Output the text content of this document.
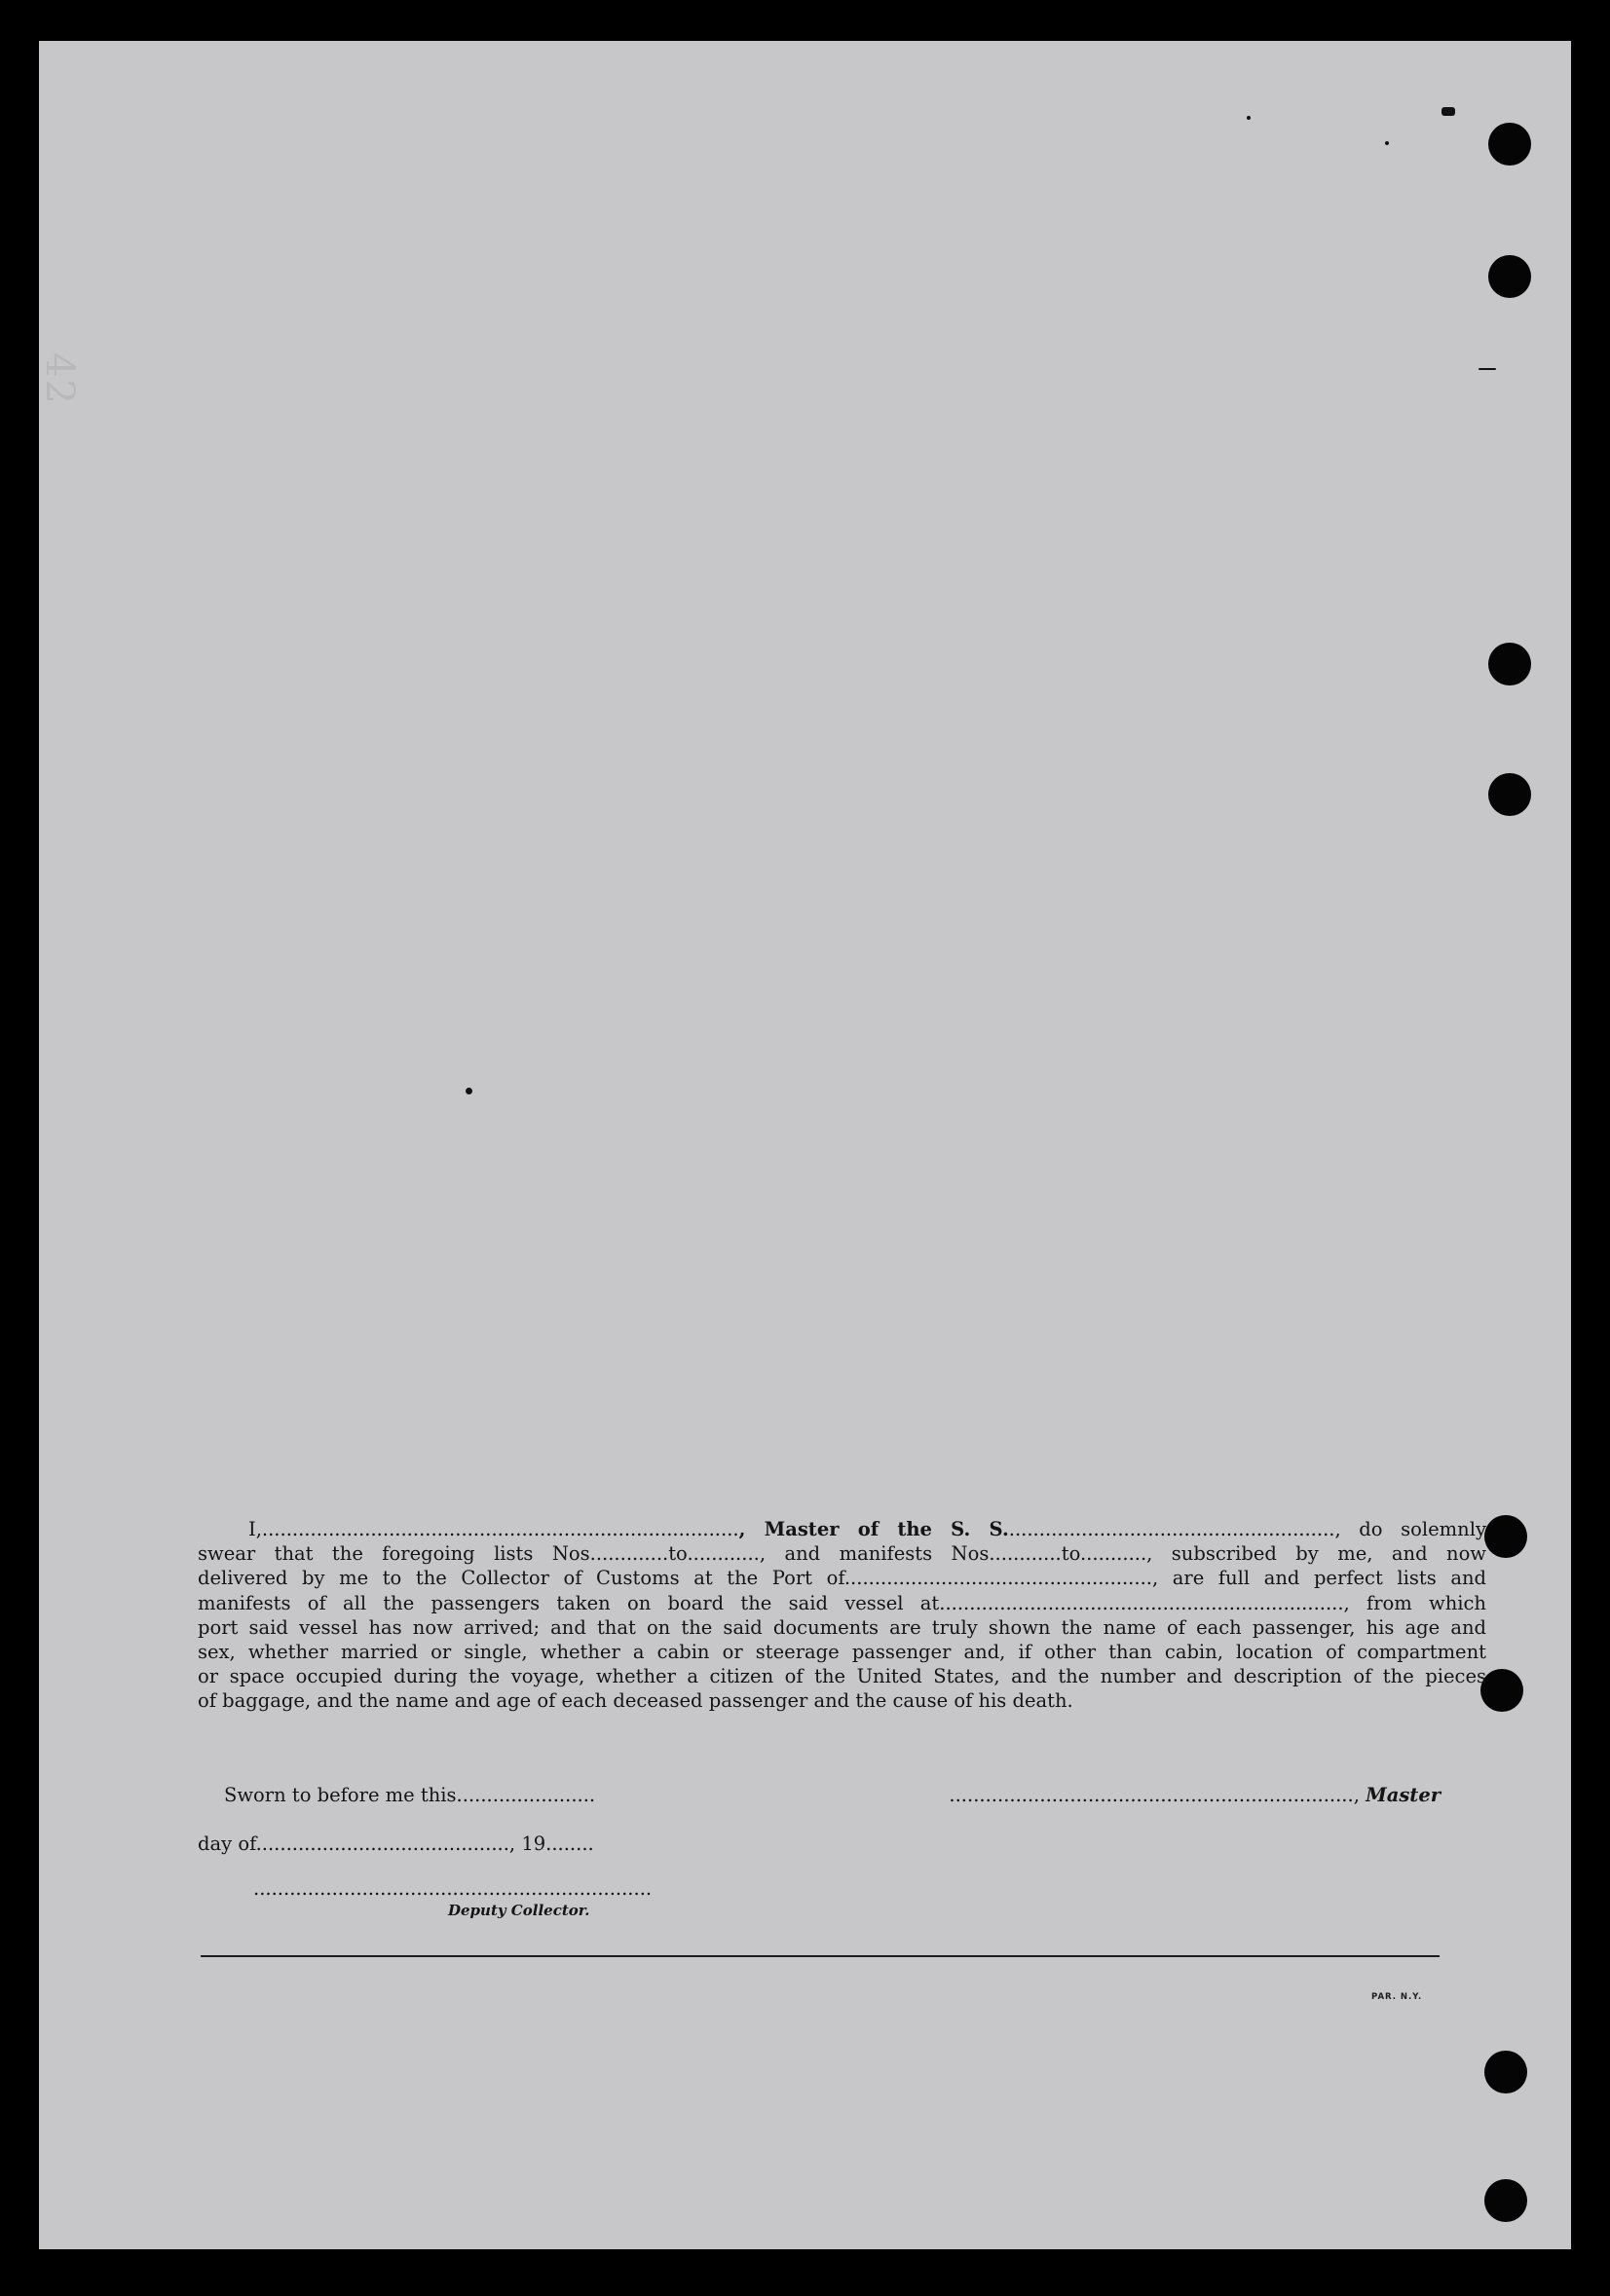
42
I,..............................................................................., Master of the S. S......................................................., do solemnly
swear that the foregoing lists Nos.............to............, and manifests Nos............to..........., subscribed by me, and now
delivered by me to the Collector of Customs at the Port of..................................................., are full and perfect lists and
manifests of all the passengers taken on board the said vessel at..................................................................., from which
port said vessel has now arrived; and that on the said documents are truly shown the name of each passenger, his age and
sex, whether married or single, whether a cabin or steerage passenger and, if other than cabin, location of compartment
or space occupied during the voyage, whether a citizen of the United States, and the number and description of the pieces
of baggage, and the name and age of each deceased passenger and the cause of his death.
Sworn to before me this.......................
day of.........................................., 19........
..................................................................., Master
..................................................................
Deputy Collector.
PAR. N.Y.
